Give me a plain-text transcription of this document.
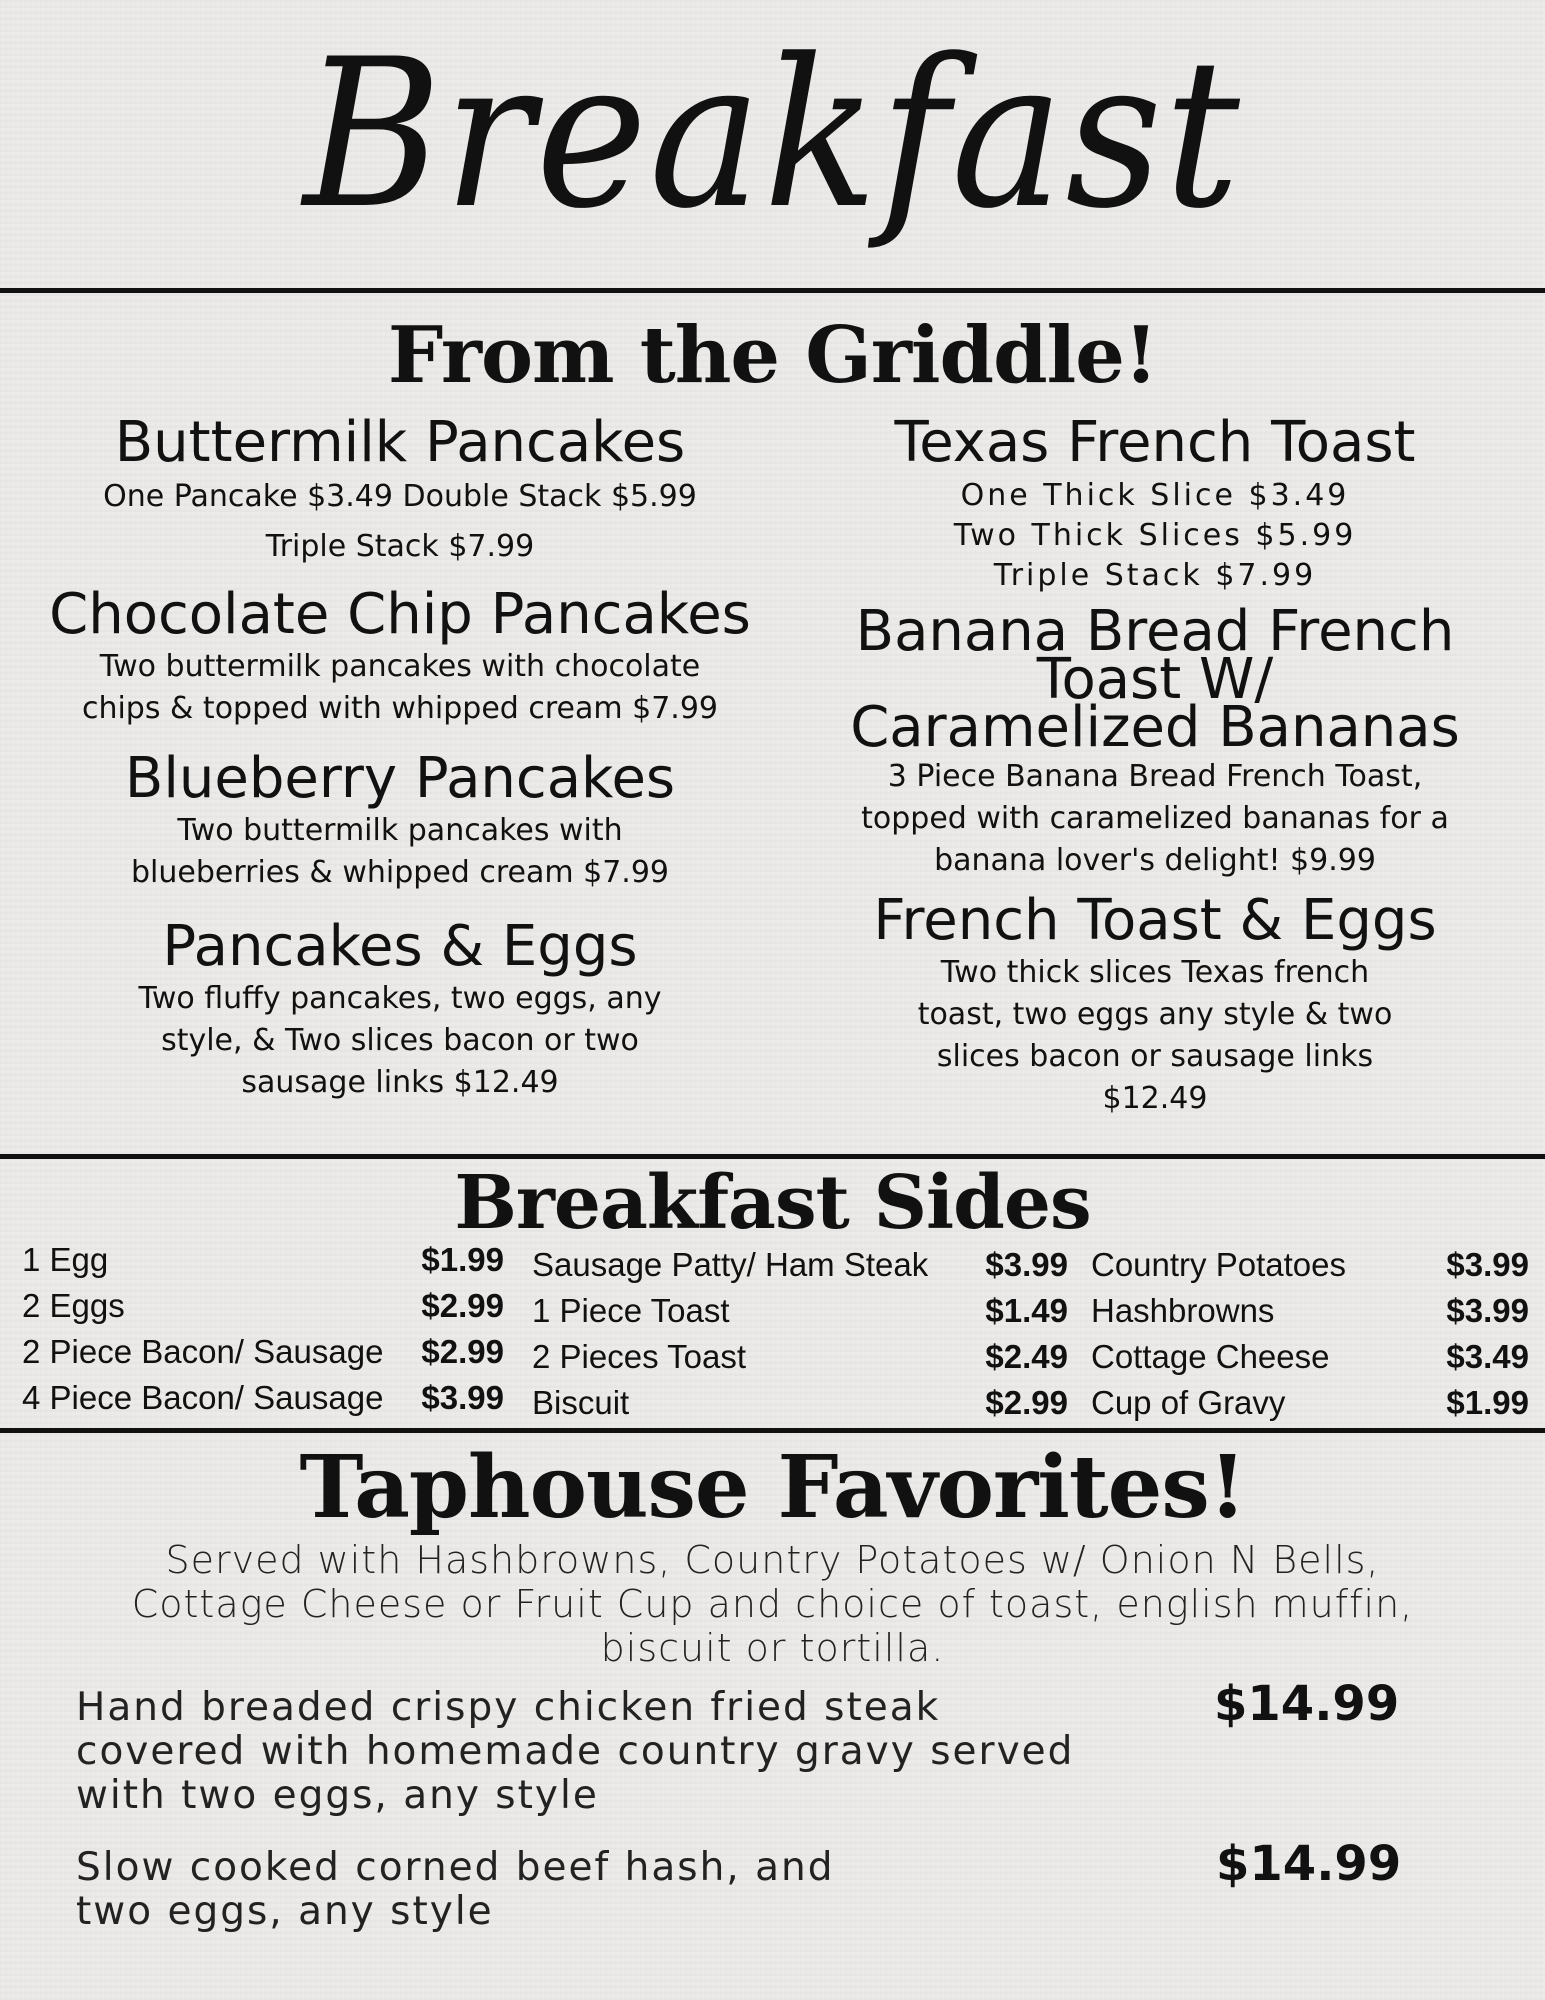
Breakfast
From the Griddle!
Buttermilk Pancakes
One Pancake $3.49 Double Stack $5.99
Triple Stack $7.99
Chocolate Chip Pancakes
Two buttermilk pancakes with chocolate
chips & topped with whipped cream $7.99
Blueberry Pancakes
Two buttermilk pancakes with
blueberries & whipped cream $7.99
Pancakes & Eggs
Two fluffy pancakes, two eggs, any
style, & Two slices bacon or two
sausage links $12.49
Texas French Toast
One Thick Slice $3.49
Two Thick Slices $5.99
Triple Stack $7.99
Banana Bread French
Toast W/
Caramelized Bananas
3 Piece Banana Bread French Toast,
topped with caramelized bananas for a
banana lover's delight! $9.99
French Toast & Eggs
Two thick slices Texas french
toast, two eggs any style & two
slices bacon or sausage links
$12.49
Breakfast Sides
1 Egg	$1.99
2 Eggs	$2.99
2 Piece Bacon/ Sausage $2.99
4 Piece Bacon/ Sausage $3.99
Sausage Patty/ Ham Steak $3.99
1 Piece Toast	$1.49
2 Pieces Toast	$2.49
Biscuit	$2.99
Country Potatoes	$3.99
Hashbrowns	$3.99
Cottage Cheese	$3.49
Cup of Gravy	$1.99
Taphouse Favorites!
Served with Hashbrowns, Country Potatoes w/ Onion N Bells,
Cottage Cheese or Fruit Cup and choice of toast, english muffin,
biscuit or tortilla.
Hand breaded crispy chicken fried steak
covered with homemade country gravy served
with two eggs, any style
$14.99
Slow cooked corned beef hash, and
two eggs, any style
$14.99
